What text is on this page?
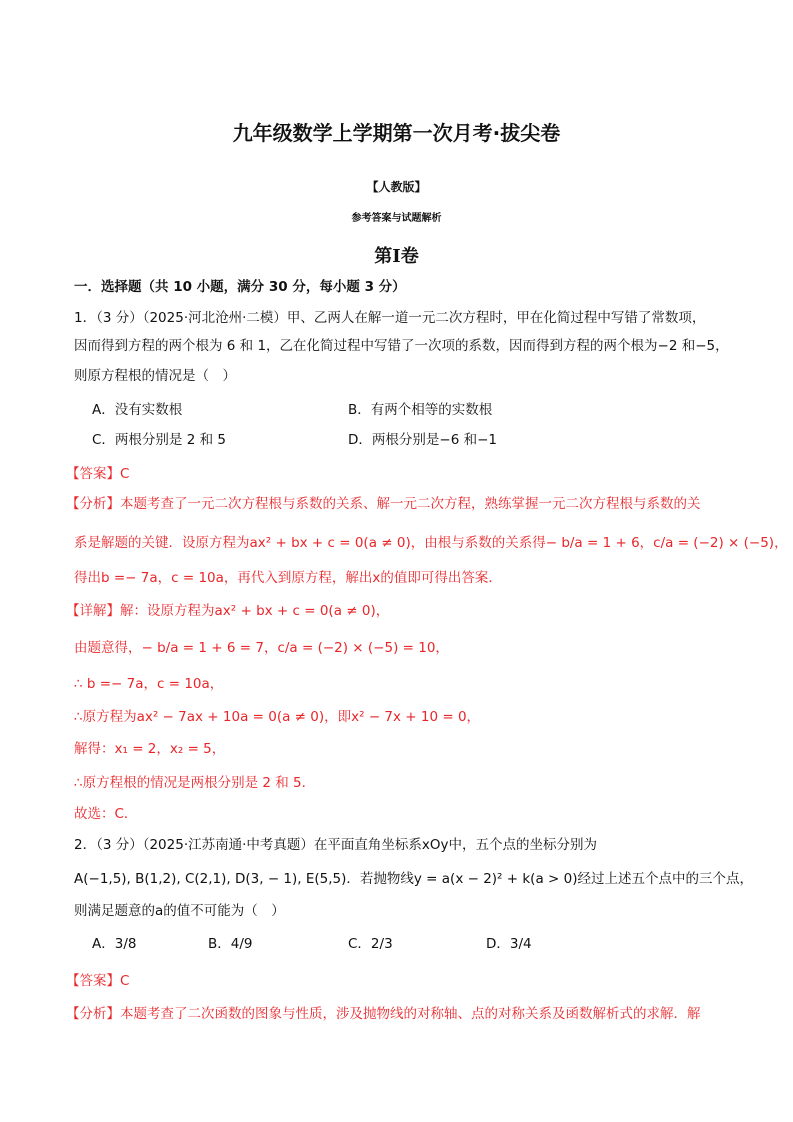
九年级数学上学期第一次月考·拔尖卷
【人教版】
参考答案与试题解析
第I卷
一．选择题（共 10 小题，满分 30 分，每小题 3 分）
1．（3 分）（2025·河北沧州·二模）甲、乙两人在解一道一元二次方程时，甲在化简过程中写错了常数项，
因而得到方程的两个根为 6 和 1，乙在化简过程中写错了一次项的系数，因而得到方程的两个根为−2 和−5，
则原方程根的情况是（　）
A．没有实数根	B．有两个相等的实数根
C．两根分别是 2 和 5	D．两根分别是−6 和−1
【答案】C
【分析】本题考查了一元二次方程根与系数的关系、解一元二次方程，熟练掌握一元二次方程根与系数的关
系是解题的关键．设原方程为ax² + bx + c = 0(a ≠ 0)，由根与系数的关系得− b/a = 1 + 6，c/a = (−2) × (−5)，
得出b =− 7a，c = 10a，再代入到原方程，解出x的值即可得出答案．
【详解】解：设原方程为ax² + bx + c = 0(a ≠ 0)，
由题意得，− b/a = 1 + 6 = 7，c/a = (−2) × (−5) = 10，
∴ b =− 7a，c = 10a，
∴原方程为ax² − 7ax + 10a = 0(a ≠ 0)，即x² − 7x + 10 = 0，
解得：x₁ = 2，x₂ = 5，
∴原方程根的情况是两根分别是 2 和 5．
故选：C．
2．（3 分）（2025·江苏南通·中考真题）在平面直角坐标系xOy中，五个点的坐标分别为
A(−1,5), B(1,2), C(2,1), D(3, − 1), E(5,5)．若抛物线y = a(x − 2)² + k(a > 0)经过上述五个点中的三个点，
则满足题意的a的值不可能为（　）
A．3/8	B．4/9	C．2/3	D．3/4
【答案】C
【分析】本题考查了二次函数的图象与性质，涉及抛物线的对称轴、点的对称关系及函数解析式的求解．解
